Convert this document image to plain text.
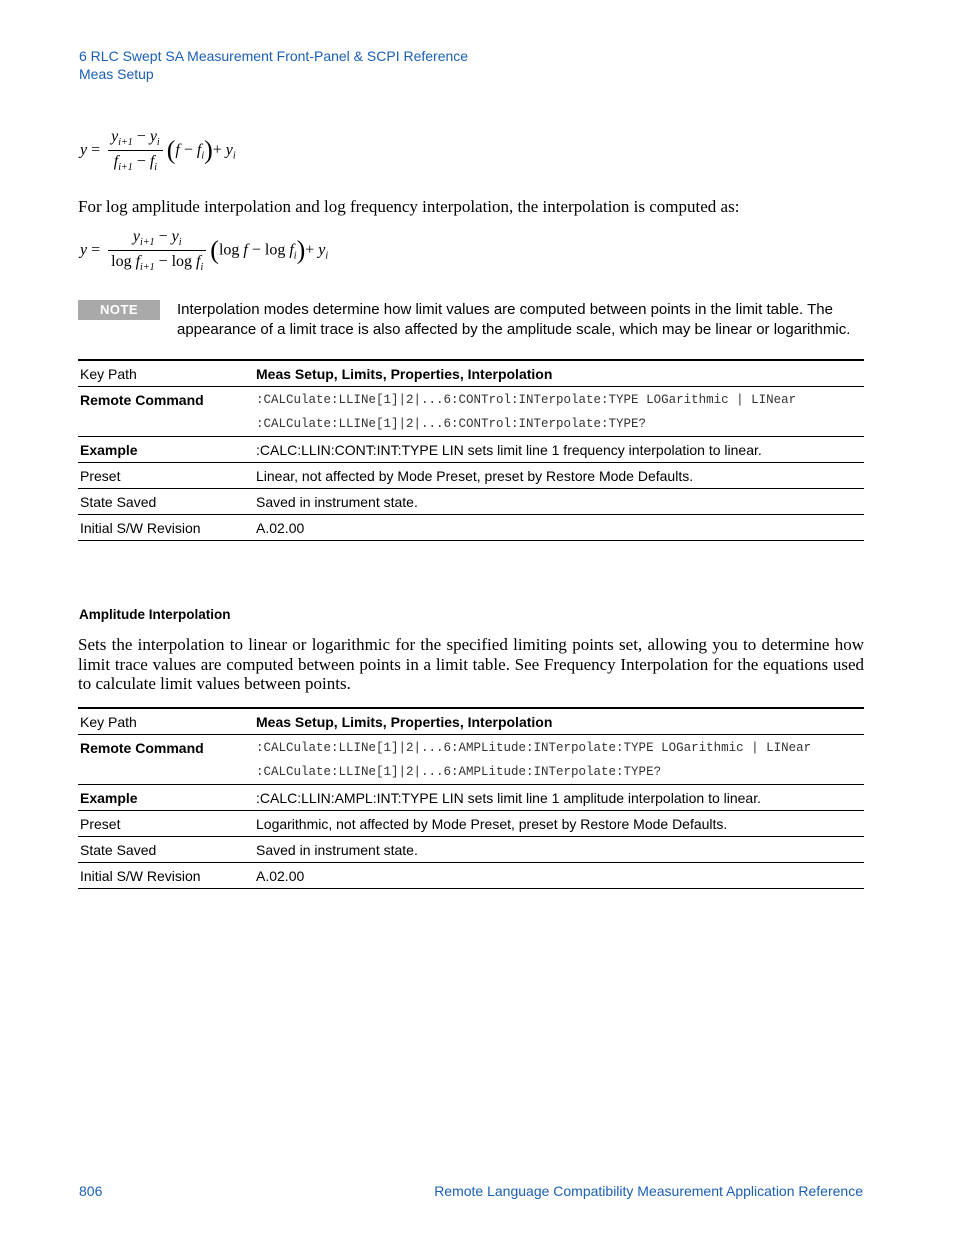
6 RLC Swept SA Measurement Front-Panel & SCPI Reference
Meas Setup
$y = \frac{y_{i+1} - y_i}{f_{i+1} - f_i} (f - f_i)+ y_i$

For log amplitude interpolation and log frequency interpolation, the interpolation is computed as:

$y = \frac{y_{i+1} - y_i}{\log f_{i+1} - \log f_i} (\log$ $f - \log f_i)+ y_i$
NOTE	Interpolation modes determine how limit values are computed between points in the limit table. The appearance of a limit trace is also affected by the amplitude scale, which may be linear or logarithmic.
Key Path	Meas Setup, Limits, Properties, Interpolation
Remote Command	:CALCulate:LLINe[1]|2|...6:CONTrol:INTerpolate:TYPE LOGarithmic | LINear
:CALCulate:LLINe[1]|2|...6:CONTrol:INTerpolate:TYPE?

Example	:CALC:LLIN:CONT:INT:TYPE LIN sets limit line 1 frequency interpolation to linear.
Preset	Linear, not affected by Mode Preset, preset by Restore Mode Defaults.
State Saved	Saved in instrument state.
Initial S/W Revision	A.02.00
Amplitude Interpolation

Sets the interpolation to linear or logarithmic for the specified limiting points set, allowing you to determine how limit trace values are computed between points in a limit table. See Frequency Interpolation for the equations used to calculate limit values between points.

Key Path	Meas Setup, Limits, Properties, Interpolation
Remote Command	:CALCulate:LLINe[1]|2|...6:AMPLitude:INTerpolate:TYPE LOGarithmic | LINear
:CALCulate:LLINe[1]|2|...6:AMPLitude:INTerpolate:TYPE?

Example	:CALC:LLIN:AMPL:INT:TYPE LIN sets limit line 1 amplitude interpolation to linear.
Preset	Logarithmic, not affected by Mode Preset, preset by Restore Mode Defaults.
State Saved	Saved in instrument state.
Initial S/W Revision	A.02.00
806	Remote Language Compatibility Measurement Application Reference
